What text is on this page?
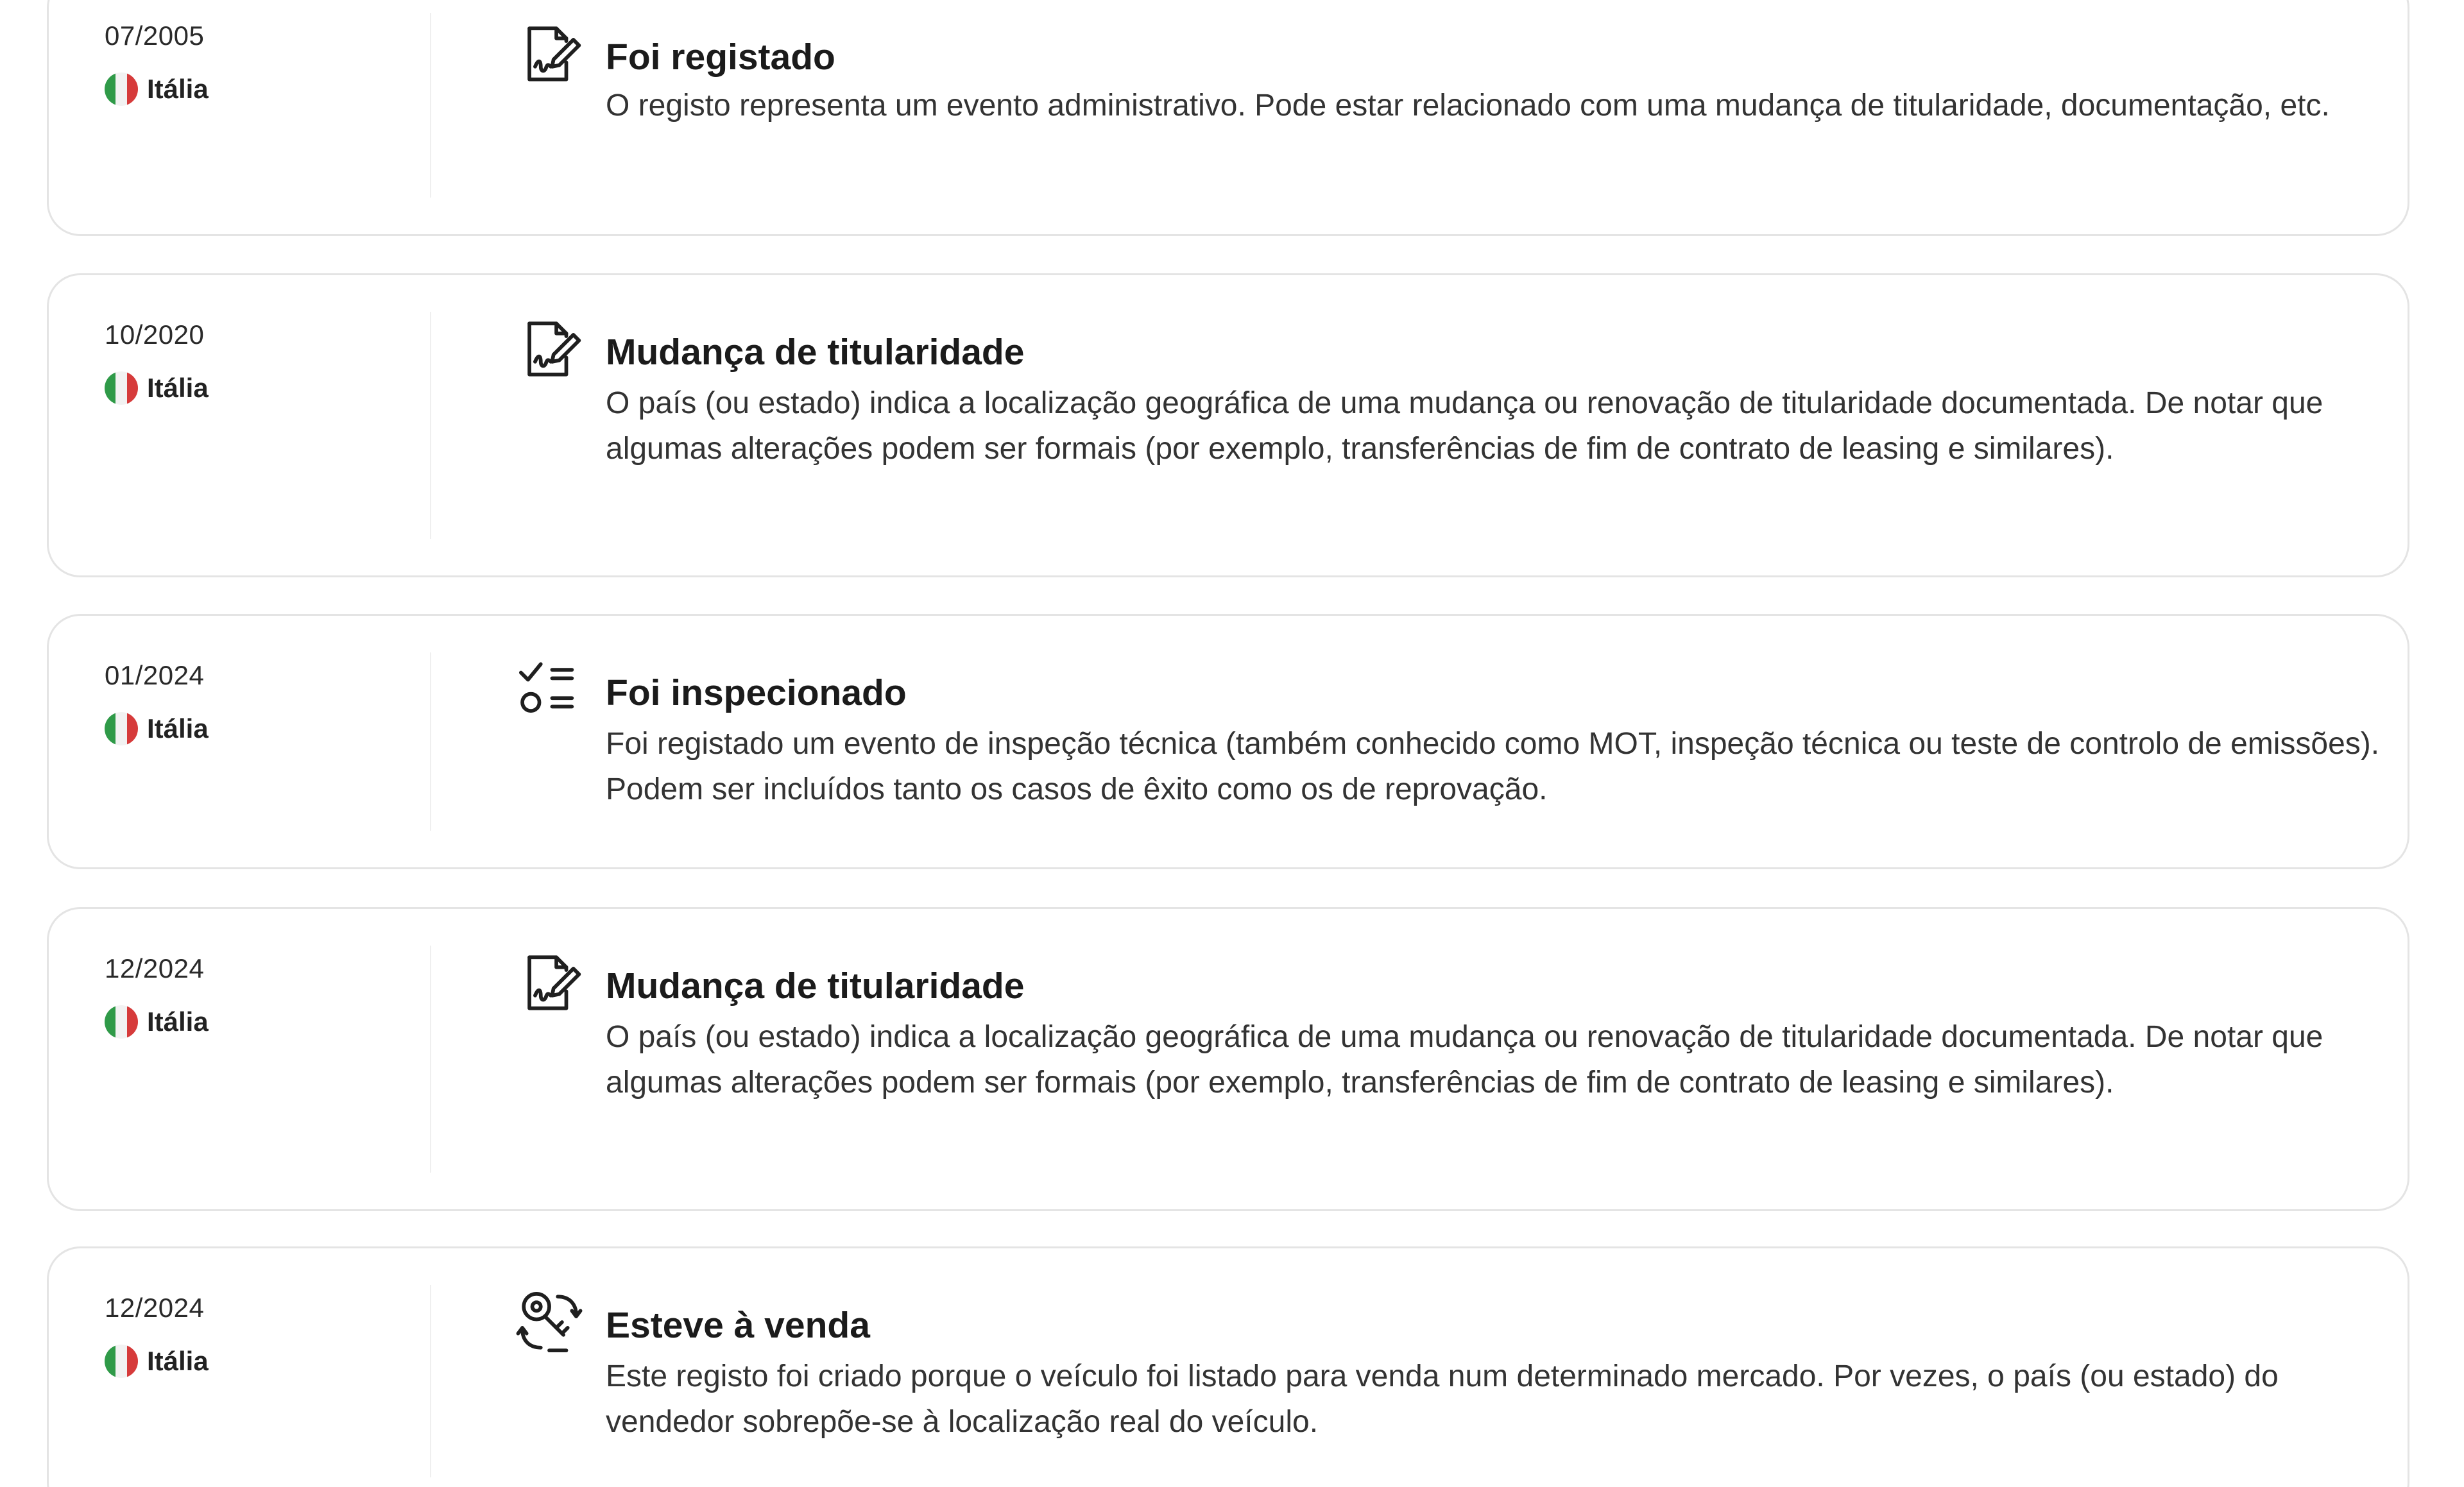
07/2005
Itália
Foi registado

O registo representa um evento administrativo. Pode estar relacionado com uma mudança de titularidade, documentação, etc.

10/2020
Itália
Mudança de titularidade

O país (ou estado) indica a localização geográfica de uma mudança ou renovação de titularidade documentada. De notar que algumas alterações podem ser formais (por exemplo, transferências de fim de contrato de leasing e similares).

01/2024
Itália
Foi inspecionado

Foi registado um evento de inspeção técnica (também conhecido como MOT, inspeção técnica ou teste de controlo de emissões). Podem ser incluídos tanto os casos de êxito como os de reprovação.

12/2024
Itália
Mudança de titularidade

O país (ou estado) indica a localização geográfica de uma mudança ou renovação de titularidade documentada. De notar que algumas alterações podem ser formais (por exemplo, transferências de fim de contrato de leasing e similares).

12/2024
Itália
Esteve à venda

Este registo foi criado porque o veículo foi listado para venda num determinado mercado. Por vezes, o país (ou estado) do vendedor sobrepõe-se à localização real do veículo.
